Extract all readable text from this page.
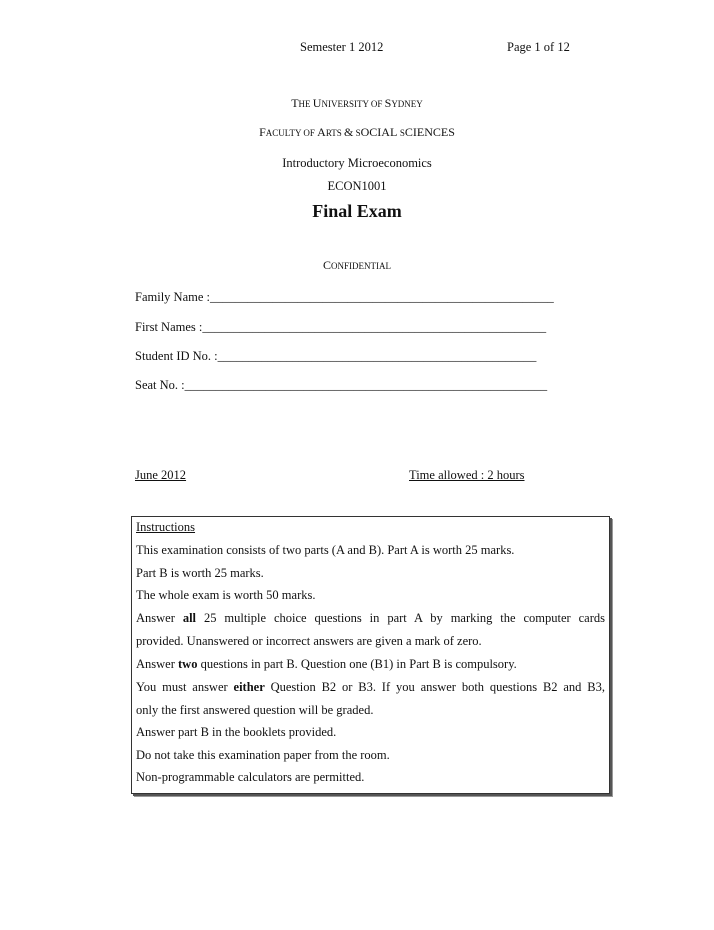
Semester 1 2012	Page 1 of 12
THE UNIVERSITY OF SYDNEY
FACULTY OF ARTS & SOCIAL SCIENCES
Introductory Microeconomics
ECON1001
Final Exam
CONFIDENTIAL
Family Name :_______________________________________________________
First Names :_______________________________________________________
Student ID No. :___________________________________________________
Seat No. :__________________________________________________________
June 2012	Time allowed : 2 hours
Instructions
This examination consists of two parts (A and B). Part A is worth 25 marks.
Part B is worth 25 marks.
The whole exam is worth 50 marks.
Answer all 25 multiple choice questions in part A by marking the computer cards
provided. Unanswered or incorrect answers are given a mark of zero.
Answer two questions in part B. Question one (B1) in Part B is compulsory.
You must answer either Question B2 or B3. If you answer both questions B2 and B3,
only the first answered question will be graded.
Answer part B in the booklets provided.
Do not take this examination paper from the room.
Non-programmable calculators are permitted.
